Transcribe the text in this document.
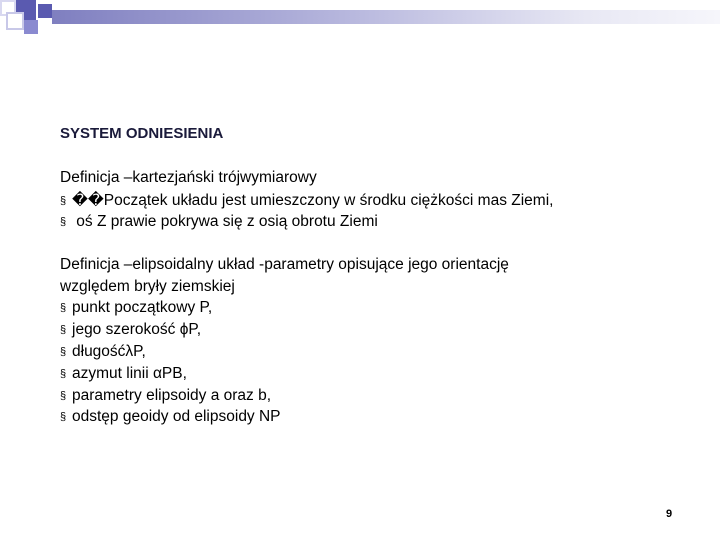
SYSTEM ODNIESIENIA
Definicja –kartezjański trójwymiarowy
§ ��Początek układu jest umieszczony w środku ciężkości mas Ziemi,
§ oś Z prawie pokrywa się z osią obrotu Ziemi
Definicja –elipsoidalny układ -parametry opisujące jego orientację
względem bryły ziemskiej
§ punkt początkowy P,
§ jego szerokość ϕP,
§ długośćλP,
§ azymut linii αPB,
§ parametry elipsoidy a oraz b,
§ odstęp geoidy od elipsoidy NP
9
